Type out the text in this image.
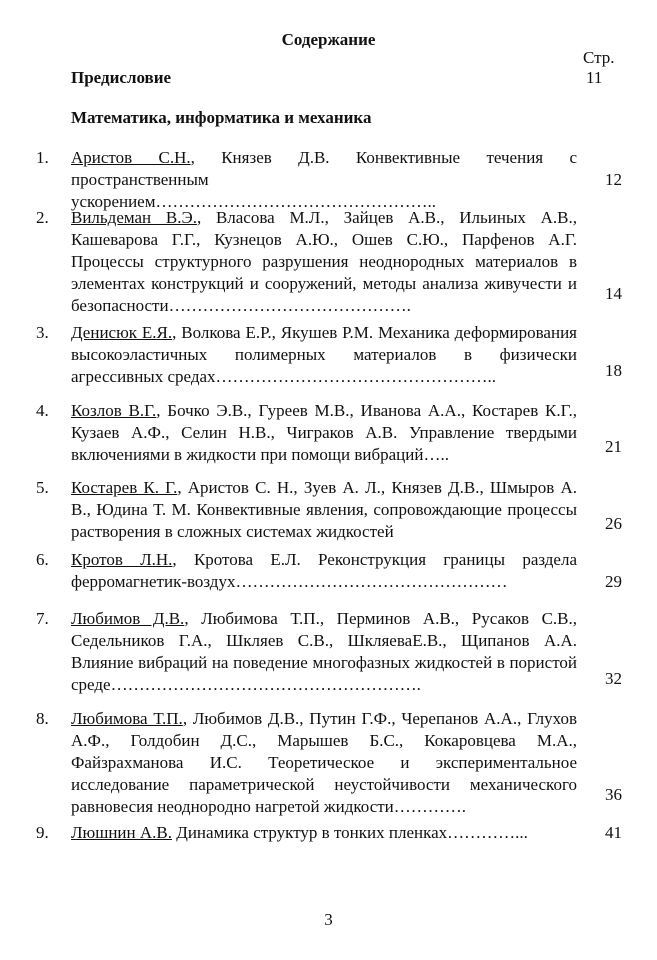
Содержание
Стр.
Предисловие	11
Математика, информатика и механика
1. Аристов С.Н., Князев Д.В. Конвективные течения с пространственным ускорением…………………………………………..
12
2. Вильдеман В.Э., Власова М.Л., Зайцев А.В., Ильиных А.В., Кашеварова Г.Г., Кузнецов А.Ю., Ошев С.Ю., Парфенов А.Г. Процессы структурного разрушения неоднородных материалов в элементах конструкций и сооружений, методы анализа живучести и безопасности…………………………………….
14
3. Денисюк Е.Я., Волкова Е.Р., Якушев Р.М. Механика деформирования высокоэластичных полимерных материалов в физически агрессивных средах…………………………………………..	18
4. Козлов В.Г., Бочко Э.В., Гуреев М.В., Иванова А.А., Костарев К.Г., Кузаев А.Ф., Селин Н.В., Чиграков А.В. Управление твердыми включениями в жидкости при помощи вибраций…..	21
5. Костарев К. Г., Аристов С. Н., Зуев А. Л., Князев Д.В., Шмыров А. В., Юдина Т. М. Конвективные явления, сопровождающие процессы растворения в сложных системах жидкостей	26
6. Кротов Л.Н., Кротова Е.Л. Реконструкция границы раздела ферромагнетик-воздух…………………………………………	29
7. Любимов Д.В., Любимова Т.П., Перминов А.В., Русаков С.В., Седельников Г.А., Шкляев С.В., ШкляеваЕ.В., Щипанов А.А. Влияние вибраций на поведение многофазных жидкостей в пористой среде……………………………………………….	32
8. Любимова Т.П., Любимов Д.В., Путин Г.Ф., Черепанов А.А., Глухов А.Ф., Голдобин Д.С., Марышев Б.С., Кокаровцева М.А., Файзрахманова И.С. Теоретическое и экспериментальное исследование параметрической неустойчивости механического равновесия неоднородно нагретой жидкости………….
36
9. Люшнин А.В. Динамика структур в тонких пленках…………...	41
3
